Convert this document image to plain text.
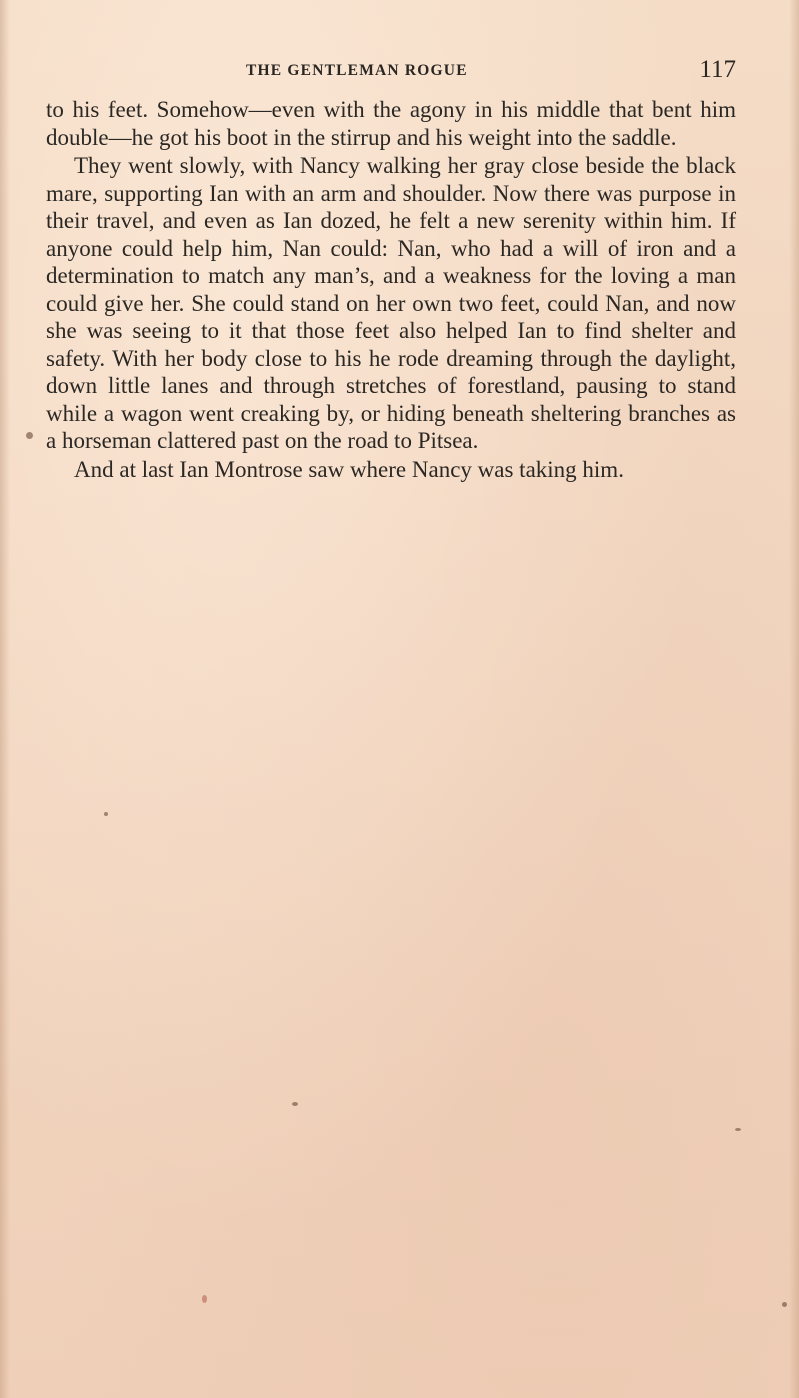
THE GENTLEMAN ROGUE	117

to his feet. Somehow—even with the agony in his middle that bent him double—he got his boot in the stirrup and his weight into the saddle.

They went slowly, with Nancy walking her gray close beside the black mare, supporting Ian with an arm and shoulder. Now there was purpose in their travel, and even as Ian dozed, he felt a new serenity within him. If anyone could help him, Nan could: Nan, who had a will of iron and a determination to match any man’s, and a weakness for the loving a man could give her. She could stand on her own two feet, could Nan, and now she was seeing to it that those feet also helped Ian to find shelter and safety. With her body close to his he rode dreaming through the daylight, down little lanes and through stretches of forestland, pausing to stand while a wagon went creaking by, or hiding beneath sheltering branches as a horseman clattered past on the road to Pitsea.

And at last Ian Montrose saw where Nancy was taking him.
